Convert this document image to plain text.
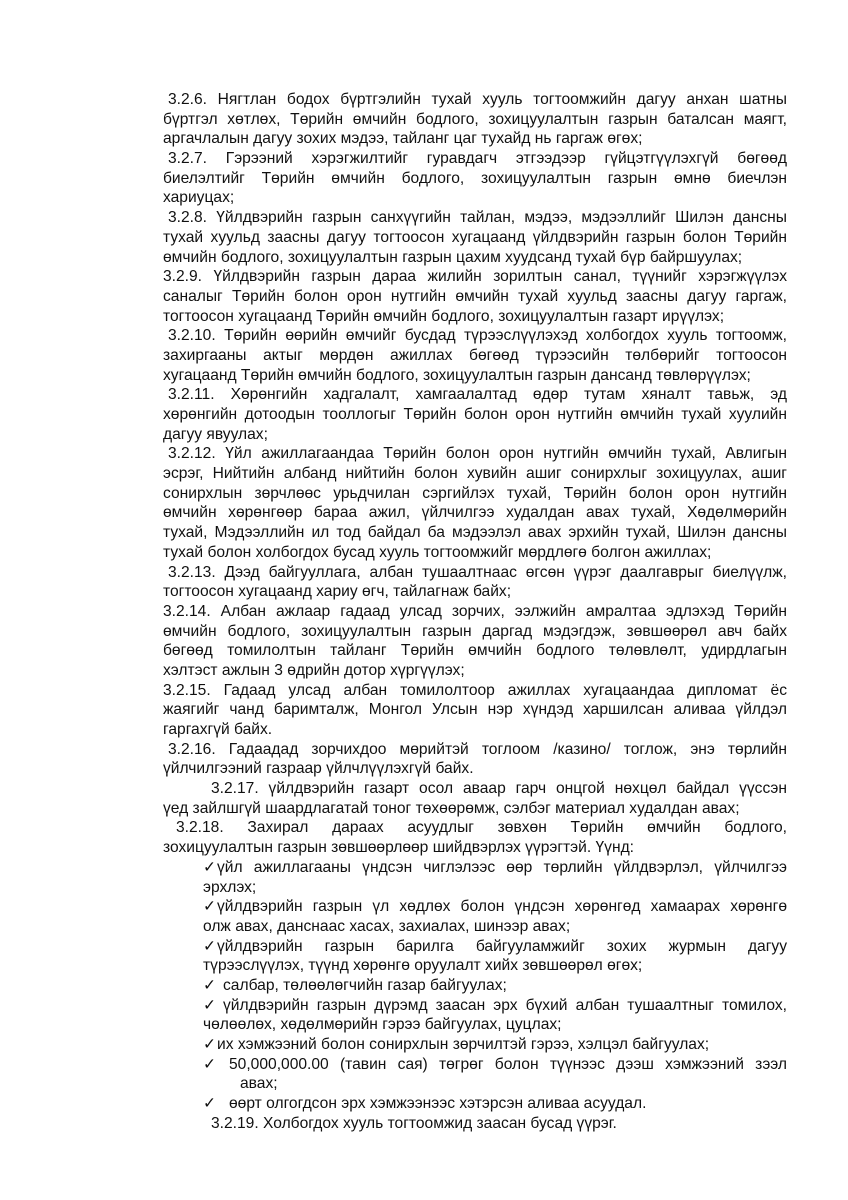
3.2.6. Нягтлан бодох бүртгэлийн тухай хууль тогтоомжийн дагуу анхан шатны
бүртгэл хөтлөх, Төрийн өмчийн бодлого, зохицуулалтын газрын баталсан маягт,
аргачлалын дагуу зохих мэдээ, тайланг цаг тухайд нь гаргаж өгөх;
3.2.7. Гэрээний хэрэгжилтийг гуравдагч этгээдээр гүйцэтгүүлэхгүй бөгөөд
биелэлтийг Төрийн өмчийн бодлого, зохицуулалтын газрын өмнө биечлэн
хариуцах;
3.2.8. Үйлдвэрийн газрын санхүүгийн тайлан, мэдээ, мэдээллийг Шилэн дансны
тухай хуульд заасны дагуу тогтоосон хугацаанд үйлдвэрийн газрын болон Төрийн
өмчийн бодлого, зохицуулалтын газрын цахим хуудсанд тухай бүр байршуулах;
3.2.9. Үйлдвэрийн газрын дараа жилийн зорилтын санал, түүнийг хэрэгжүүлэх
саналыг Төрийн болон орон нутгийн өмчийн тухай хуульд заасны дагуу гаргаж,
тогтоосон хугацаанд Төрийн өмчийн бодлого, зохицуулалтын газарт ирүүлэх;
3.2.10. Төрийн өөрийн өмчийг бусдад түрээслүүлэхэд холбогдох хууль тогтоомж,
захиргааны актыг мөрдөн ажиллах бөгөөд түрээсийн төлбөрийг тогтоосон
хугацаанд Төрийн өмчийн бодлого, зохицуулалтын газрын дансанд төвлөрүүлэх;
3.2.11. Хөрөнгийн хадгалалт, хамгаалалтад өдөр тутам хяналт тавьж, эд
хөрөнгийн дотоодын тооллогыг Төрийн болон орон нутгийн өмчийн тухай хуулийн
дагуу явуулах;
3.2.12. Үйл ажиллагаандаа Төрийн болон орон нутгийн өмчийн тухай, Авлигын
эсрэг, Нийтийн албанд нийтийн болон хувийн ашиг сонирхлыг зохицуулах, ашиг
сонирхлын зөрчлөөс урьдчилан сэргийлэх тухай, Төрийн болон орон нутгийн
өмчийн хөрөнгөөр бараа ажил, үйлчилгээ худалдан авах тухай, Хөдөлмөрийн
тухай, Мэдээллийн ил тод байдал ба мэдээлэл авах эрхийн тухай, Шилэн дансны
тухай болон холбогдох бусад хууль тогтоомжийг мөрдлөгө болгон ажиллах;
3.2.13. Дээд байгууллага, албан тушаалтнаас өгсөн үүрэг даалгаврыг биелүүлж,
тогтоосон хугацаанд хариу өгч, тайлагнаж байх;
3.2.14. Албан ажлаар гадаад улсад зорчих, ээлжийн амралтаа эдлэхэд Төрийн
өмчийн бодлого, зохицуулалтын газрын даргад мэдэгдэж, зөвшөөрөл авч байх
бөгөөд томилолтын тайланг Төрийн өмчийн бодлого төлөвлөлт, удирдлагын
хэлтэст ажлын 3 өдрийн дотор хүргүүлэх;
3.2.15. Гадаад улсад албан томилолтоор ажиллах хугацаандаа дипломат ёс
жаягийг чанд баримталж, Монгол Улсын нэр хүндэд харшилсан аливаа үйлдэл
гаргахгүй байх.
3.2.16. Гадаадад зорчихдоо мөрийтэй тоглоом /казино/ тоглож, энэ төрлийн
үйлчилгээний газраар үйлчлүүлэхгүй байх.
3.2.17. үйлдвэрийн газарт осол аваар гарч онцгой нөхцөл байдал үүссэн
үед зайлшгүй шаардлагатай тоног төхөөрөмж, сэлбэг материал худалдан авах;
3.2.18. Захирал дараах асуудлыг зөвхөн Төрийн өмчийн бодлого,
зохицуулалтын газрын зөвшөөрлөөр шийдвэрлэх үүрэгтэй. Үүнд:
✓үйл ажиллагааны үндсэн чиглэлээс өөр төрлийн үйлдвэрлэл, үйлчилгээ
эрхлэх;
✓үйлдвэрийн газрын үл хөдлөх болон үндсэн хөрөнгөд хамаарах хөрөнгө
олж авах, данснаас хасах, захиалах, шинээр авах;
✓үйлдвэрийн газрын барилга байгууламжийг зохих журмын дагуу
түрээслүүлэх, түүнд хөрөнгө оруулалт хийх зөвшөөрөл өгөх;
✓ салбар, төлөөлөгчийн газар байгуулах;
✓ үйлдвэрийн газрын дүрэмд заасан эрх бүхий албан тушаалтныг томилох,
чөлөөлөх, хөдөлмөрийн гэрээ байгуулах, цуцлах;
✓их хэмжээний болон сонирхлын зөрчилтэй гэрээ, хэлцэл байгуулах;
✓ 50,000,000.00 (тавин сая) төгрөг болон түүнээс дээш хэмжээний зээл
авах;
✓ өөрт олгогдсон эрх хэмжээнээс хэтэрсэн аливаа асуудал.
3.2.19. Холбогдох хууль тогтоомжид заасан бусад үүрэг.
